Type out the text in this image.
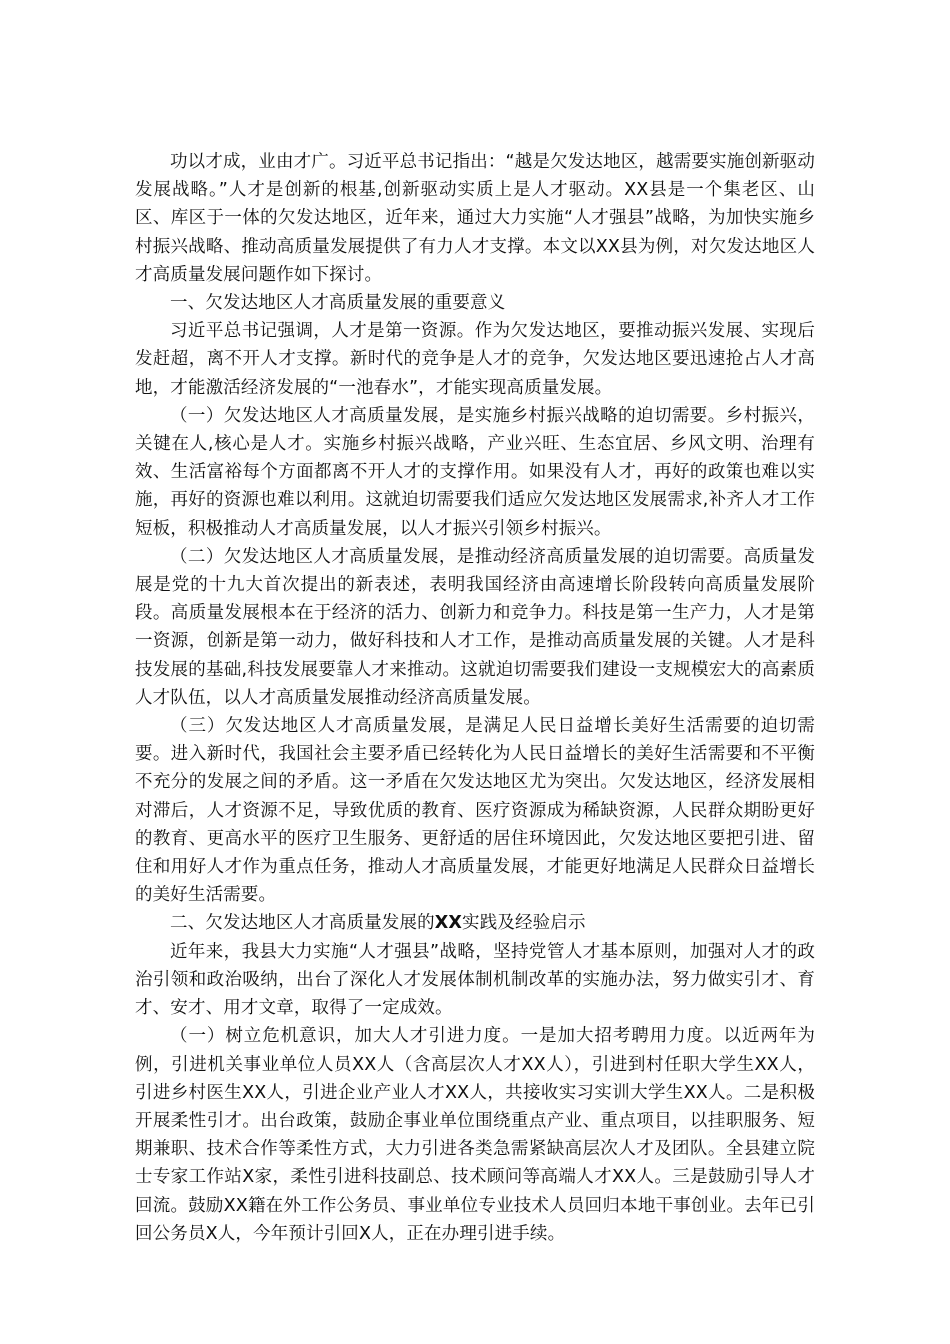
功以才成，业由才广。习近平总书记指出：“越是欠发达地区，越需要实施创新驱动发展战略。”人才是创新的根基,创新驱动实质上是人才驱动。XX县是一个集老区、山区、库区于一体的欠发达地区，近年来，通过大力实施“人才强县”战略，为加快实施乡村振兴战略、推动高质量发展提供了有力人才支撑。本文以XX县为例，对欠发达地区人才高质量发展问题作如下探讨。

一、欠发达地区人才高质量发展的重要意义

习近平总书记强调，人才是第一资源。作为欠发达地区，要推动振兴发展、实现后发赶超，离不开人才支撑。新时代的竞争是人才的竞争，欠发达地区要迅速抢占人才高地，才能激活经济发展的“一池春水”，才能实现高质量发展。

（一）欠发达地区人才高质量发展，是实施乡村振兴战略的迫切需要。乡村振兴，关键在人,核心是人才。实施乡村振兴战略，产业兴旺、生态宜居、乡风文明、治理有效、生活富裕每个方面都离不开人才的支撑作用。如果没有人才，再好的政策也难以实施，再好的资源也难以利用。这就迫切需要我们适应欠发达地区发展需求,补齐人才工作短板，积极推动人才高质量发展，以人才振兴引领乡村振兴。

（二）欠发达地区人才高质量发展，是推动经济高质量发展的迫切需要。高质量发展是党的十九大首次提出的新表述，表明我国经济由高速增长阶段转向高质量发展阶段。高质量发展根本在于经济的活力、创新力和竞争力。科技是第一生产力，人才是第一资源，创新是第一动力，做好科技和人才工作，是推动高质量发展的关键。人才是科技发展的基础,科技发展要靠人才来推动。这就迫切需要我们建设一支规模宏大的高素质人才队伍，以人才高质量发展推动经济高质量发展。

（三）欠发达地区人才高质量发展，是满足人民日益增长美好生活需要的迫切需要。进入新时代，我国社会主要矛盾已经转化为人民日益增长的美好生活需要和不平衡不充分的发展之间的矛盾。这一矛盾在欠发达地区尤为突出。欠发达地区，经济发展相对滞后，人才资源不足，导致优质的教育、医疗资源成为稀缺资源，人民群众期盼更好的教育、更高水平的医疗卫生服务、更舒适的居住环境因此，欠发达地区要把引进、留住和用好人才作为重点任务，推动人才高质量发展，才能更好地满足人民群众日益增长的美好生活需要。

二、欠发达地区人才高质量发展的XX实践及经验启示

近年来，我县大力实施“人才强县”战略，坚持党管人才基本原则，加强对人才的政治引领和政治吸纳，出台了深化人才发展体制机制改革的实施办法，努力做实引才、育才、安才、用才文章，取得了一定成效。

（一）树立危机意识，加大人才引进力度。一是加大招考聘用力度。以近两年为例，引进机关事业单位人员XX人（含高层次人才XX人），引进到村任职大学生XX人，引进乡村医生XX人，引进企业产业人才XX人，共接收实习实训大学生XX人。二是积极开展柔性引才。出台政策，鼓励企事业单位围绕重点产业、重点项目，以挂职服务、短期兼职、技术合作等柔性方式，大力引进各类急需紧缺高层次人才及团队。全县建立院士专家工作站X家，柔性引进科技副总、技术顾问等高端人才XX人。三是鼓励引导人才回流。鼓励XX籍在外工作公务员、事业单位专业技术人员回归本地干事创业。去年已引回公务员X人，今年预计引回X人，正在办理引进手续。
